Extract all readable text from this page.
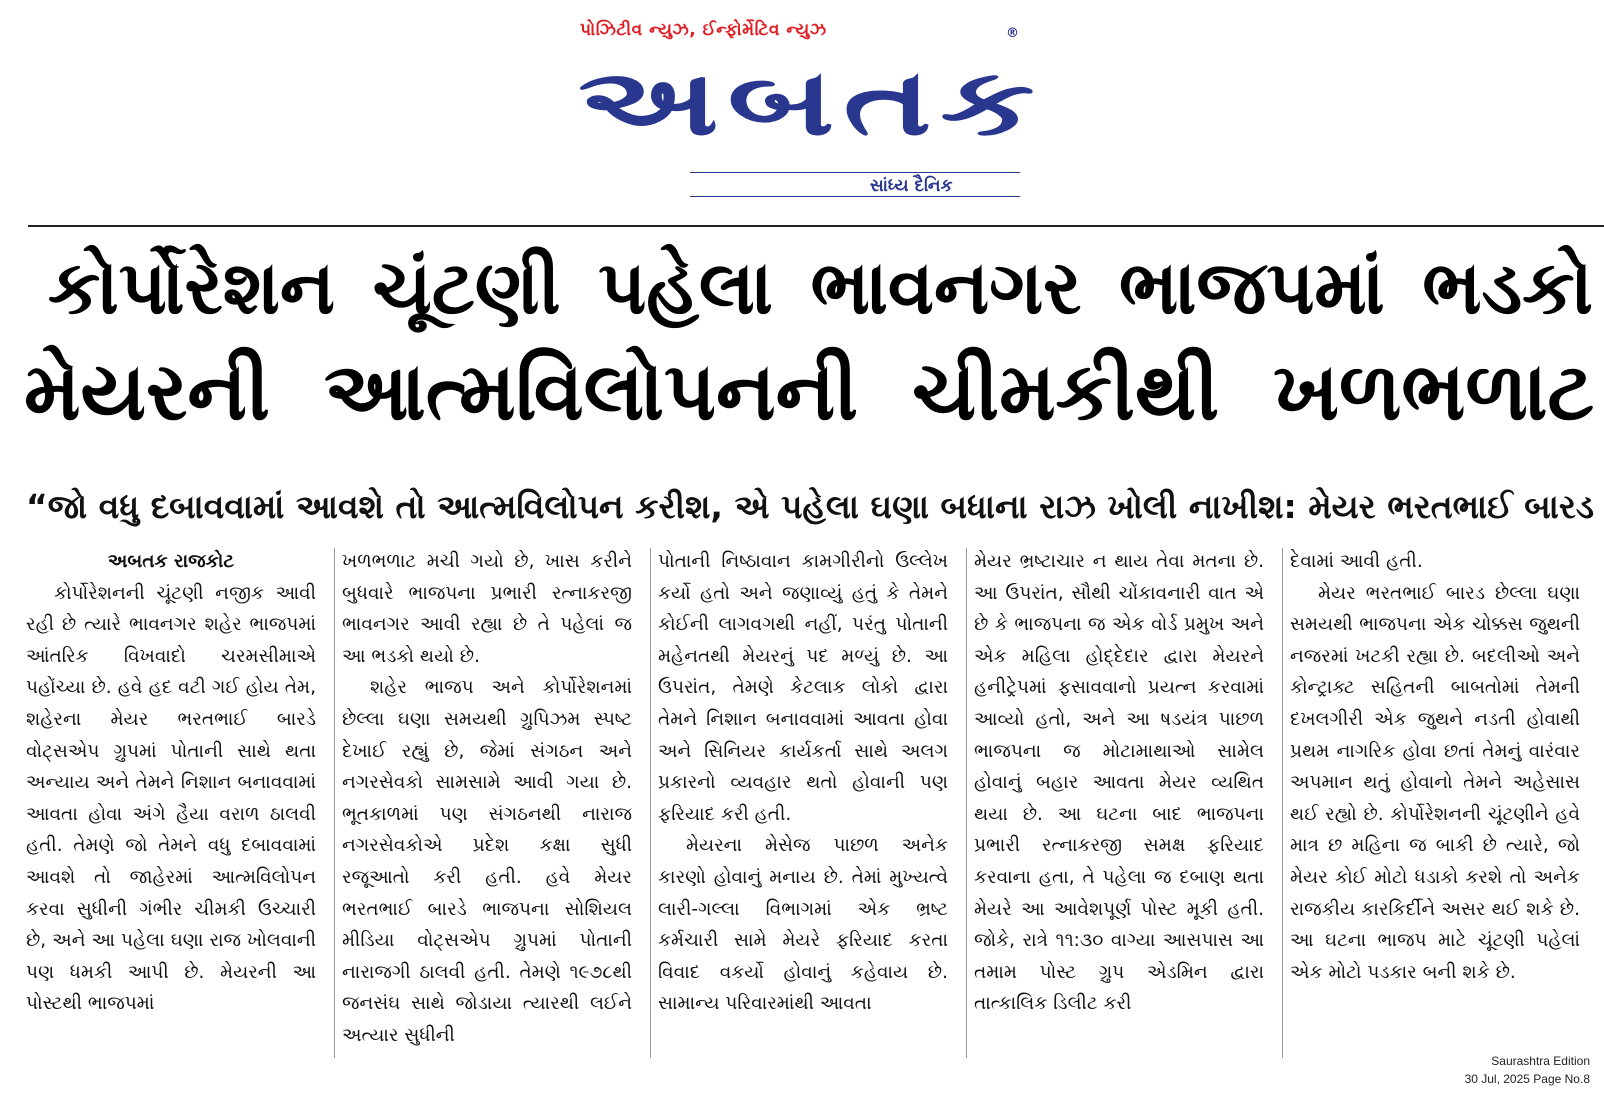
પોઝિટીવ ન્યુઝ, ઈન્ફોર્મેટિવ ન્યુઝ	®
અબતક
સાંધ્ય દૈનિક
કોર્પોરેશન ચૂંટણી પહેલા ભાવનગર ભાજપમાં ભડકો
મેયરની આત્મવિલોપનની ચીમકીથી ખળભળાટ
“જો વધુ દબાવવામાં આવશે તો આત્મવિલોપન કરીશ, એ પહેલા ઘણા બધાના રાઝ ખોલી નાખીશ: મેયર ભરતભાઈ બારડ

અબતક રાજકોટ

કોર્પોરેશનની ચૂંટણી નજીક આવી રહી છે ત્યારે ભાવનગર શહેર ભાજપમાં આંતરિક વિખવાદો ચરમસીમાએ પહોંચ્યા છે. હવે હદ વટી ગઈ હોય તેમ, શહેરના મેયર ભરતભાઈ બારડે વોટ્સએપ ગ્રુપમાં પોતાની સાથે થતા અન્યાય અને તેમને નિશાન બનાવવામાં આવતા હોવા અંગે હૈયા વરાળ ઠાલવી હતી. તેમણે જો તેમને વધુ દબાવવામાં આવશે તો જાહેરમાં આત્મવિલોપન કરવા સુધીની ગંભીર ચીમકી ઉચ્ચારી છે, અને આ પહેલા ઘણા રાજ ખોલવાની પણ ધમકી આપી છે. મેયરની આ પોસ્ટથી ભાજપમાં

ખળભળાટ મચી ગયો છે, ખાસ કરીને બુધવારે ભાજપના પ્રભારી રત્નાકરજી ભાવનગર આવી રહ્યા છે તે પહેલાં જ આ ભડકો થયો છે.

શહેર ભાજપ અને કોર્પોરેશનમાં છેલ્લા ઘણા સમયથી ગ્રુપિઝમ સ્પષ્ટ દેખાઈ રહ્યું છે, જેમાં સંગઠન અને નગરસેવકો સામસામે આવી ગયા છે. ભૂતકાળમાં પણ સંગઠનથી નારાજ નગરસેવકોએ પ્રદેશ કક્ષા સુધી રજૂઆતો કરી હતી. હવે મેયર ભરતભાઈ બારડે ભાજપના સોશિયલ મીડિયા વોટ્સએપ ગ્રુપમાં પોતાની નારાજગી ઠાલવી હતી. તેમણે ૧૯૭૮થી જનસંઘ સાથે જોડાયા ત્યારથી લઈને અત્યાર સુધીની

પોતાની નિષ્ઠાવાન કામગીરીનો ઉલ્લેખ કર્યો હતો અને જણાવ્યું હતું કે તેમને કોઈની લાગવગથી નહીં, પરંતુ પોતાની મહેનતથી મેયરનું પદ મળ્યું છે. આ ઉપરાંત, તેમણે કેટલાક લોકો દ્વારા તેમને નિશાન બનાવવામાં આવતા હોવા અને સિનિયર કાર્યકર્તા સાથે અલગ પ્રકારનો વ્યવહાર થતો હોવાની પણ ફરિયાદ કરી હતી.

મેયરના મેસેજ પાછળ અનેક કારણો હોવાનું મનાય છે. તેમાં મુખ્યત્વે લારી-ગલ્લા વિભાગમાં એક ભ્રષ્ટ કર્મચારી સામે મેયરે ફરિયાદ કરતા વિવાદ વકર્યો હોવાનું કહેવાય છે. સામાન્ય પરિવારમાંથી આવતા

મેયર ભ્રષ્ટાચાર ન થાય તેવા મતના છે. આ ઉપરાંત, સૌથી ચોંકાવનારી વાત એ છે કે ભાજપના જ એક વોર્ડ પ્રમુખ અને એક મહિલા હોદ્દેદાર દ્વારા મેયરને હનીટ્રેપમાં ફસાવવાનો પ્રયત્ન કરવામાં આવ્યો હતો, અને આ ષડયંત્ર પાછળ ભાજપના જ મોટામાથાઓ સામેલ હોવાનું બહાર આવતા મેયર વ્યથિત થયા છે. આ ઘટના બાદ ભાજપના પ્રભારી રત્નાકરજી સમક્ષ ફરિયાદ કરવાના હતા, તે પહેલા જ દબાણ થતા મેયરે આ આવેશપૂર્ણ પોસ્ટ મૂકી હતી. જોકે, રાત્રે ૧૧:૩૦ વાગ્યા આસપાસ આ તમામ પોસ્ટ ગ્રુપ એડમિન દ્વારા તાત્કાલિક ડિલીટ કરી

દેવામાં આવી હતી.

મેયર ભરતભાઈ બારડ છેલ્લા ઘણા સમયથી ભાજપના એક ચોક્કસ જુથની નજરમાં ખટકી રહ્યા છે. બદલીઓ અને કોન્ટ્રાક્ટ સહિતની બાબતોમાં તેમની દખલગીરી એક જુથને નડતી હોવાથી પ્રથમ નાગરિક હોવા છતાં તેમનું વારંવાર અપમાન થતું હોવાનો તેમને અહેસાસ થઈ રહ્યો છે. કોર્પોરેશનની ચૂંટણીને હવે માત્ર છ મહિના જ બાકી છે ત્યારે, જો મેયર કોઈ મોટો ધડાકો કરશે તો અનેક રાજકીય કારકિર્દીને અસર થઈ શકે છે. આ ઘટના ભાજપ માટે ચૂંટણી પહેલાં એક મોટો પડકાર બની શકે છે.

Saurashtra Edition
30 Jul, 2025 Page No.8
